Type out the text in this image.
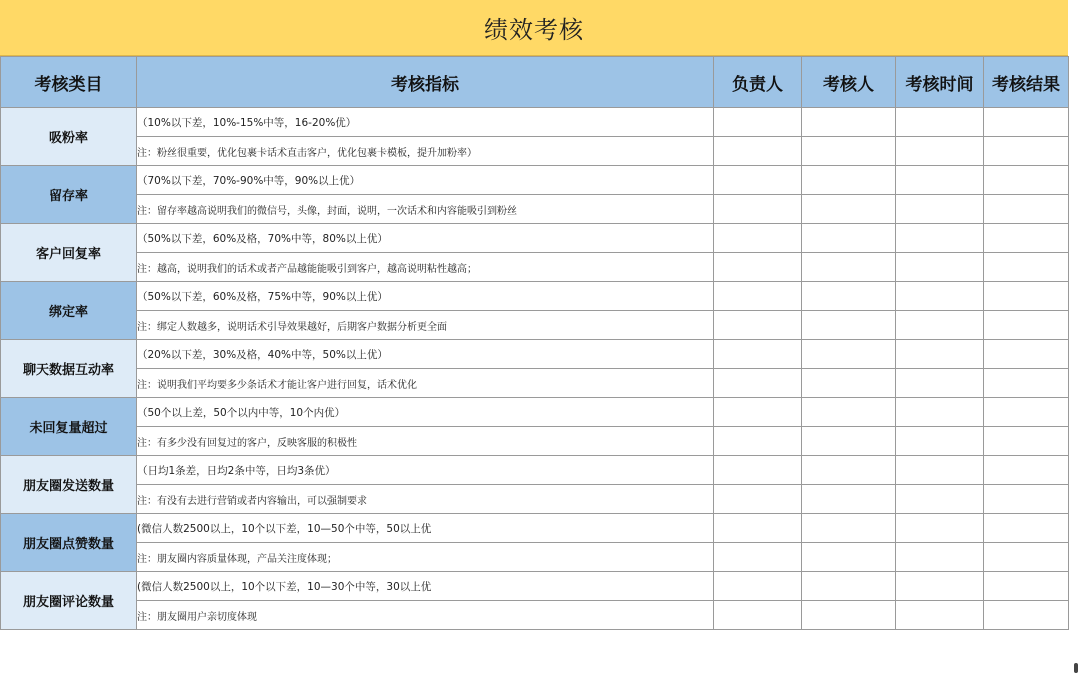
绩效考核
考核类目	考核指标	负责人	考核人	考核时间	考核结果
吸粉率	（10%以下差，10%-15%中等，16-20%优）				
	注：粉丝很重要，优化包裹卡话术直击客户，优化包裹卡模板，提升加粉率）				
留存率	（70%以下差，70%-90%中等，90%以上优）				
	注：留存率越高说明我们的微信号，头像，封面，说明，一次话术和内容能吸引到粉丝				
客户回复率	（50%以下差，60%及格，70%中等，80%以上优）				
	注：越高，说明我们的话术或者产品越能能吸引到客户，越高说明粘性越高；				
绑定率	（50%以下差，60%及格，75%中等，90%以上优）				
	注：绑定人数越多，说明话术引导效果越好，后期客户数据分析更全面				
聊天数据互动率	（20%以下差，30%及格，40%中等，50%以上优）				
	注：说明我们平均要多少条话术才能让客户进行回复，话术优化				
未回复量超过	（50个以上差，50个以内中等，10个内优）				
	注：有多少没有回复过的客户，反映客服的积极性				
朋友圈发送数量	（日均1条差，日均2条中等，日均3条优）				
	注：有没有去进行营销或者内容输出，可以强制要求				
朋友圈点赞数量	(微信人数2500以上，10个以下差，10—50个中等，50以上优				
	注：朋友圈内容质量体现，产品关注度体现；				
朋友圈评论数量	(微信人数2500以上，10个以下差，10—30个中等，30以上优				
	注：朋友圈用户亲切度体现				
